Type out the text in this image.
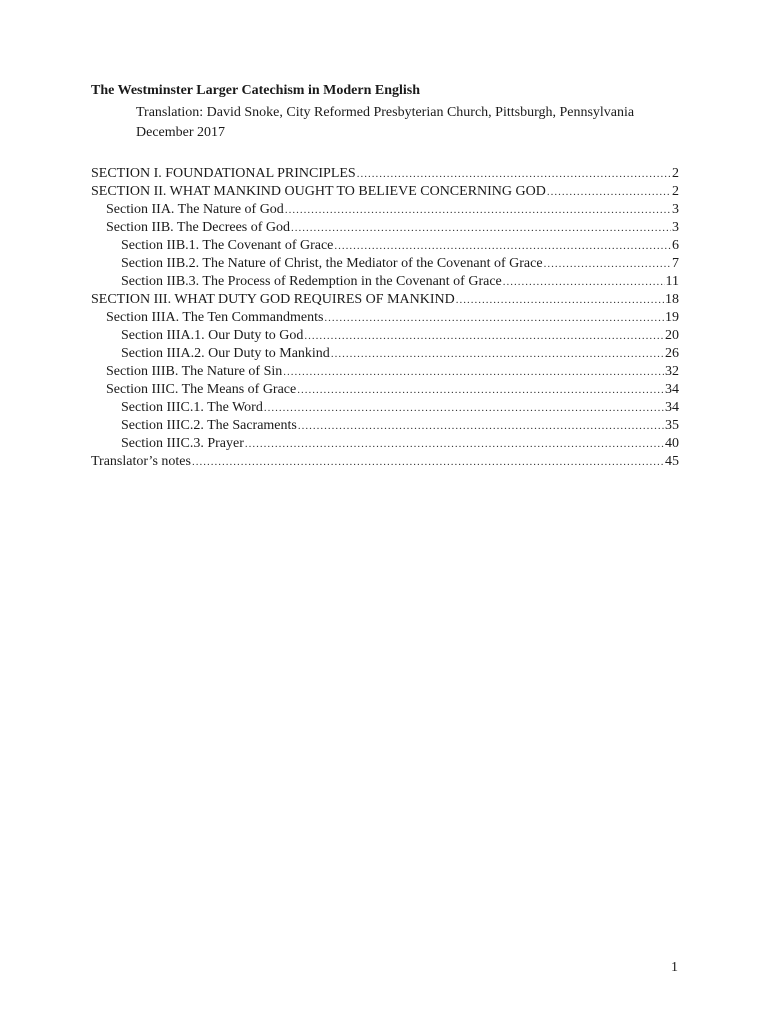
The Westminster Larger Catechism in Modern English
Translation: David Snoke, City Reformed Presbyterian Church, Pittsburgh, Pennsylvania
December 2017
SECTION I. FOUNDATIONAL PRINCIPLES .....	2
SECTION II. WHAT MANKIND OUGHT TO BELIEVE CONCERNING GOD .....	2
Section IIA. The Nature of God .....	3
Section IIB. The Decrees of God .....	3
Section IIB.1. The Covenant of Grace .....	6
Section IIB.2. The Nature of Christ, the Mediator of the Covenant of Grace .....	7
Section IIB.3. The Process of Redemption in the Covenant of Grace .....	11
SECTION III. WHAT DUTY GOD REQUIRES OF MANKIND .....	18
Section IIIA. The Ten Commandments .....	19
Section IIIA.1. Our Duty to God .....	20
Section IIIA.2. Our Duty to Mankind .....	26
Section IIIB. The Nature of Sin .....	32
Section IIIC. The Means of Grace .....	34
Section IIIC.1. The Word .....	34
Section IIIC.2. The Sacraments .....	35
Section IIIC.3. Prayer .....	40
Translator’s notes .....	45
1
